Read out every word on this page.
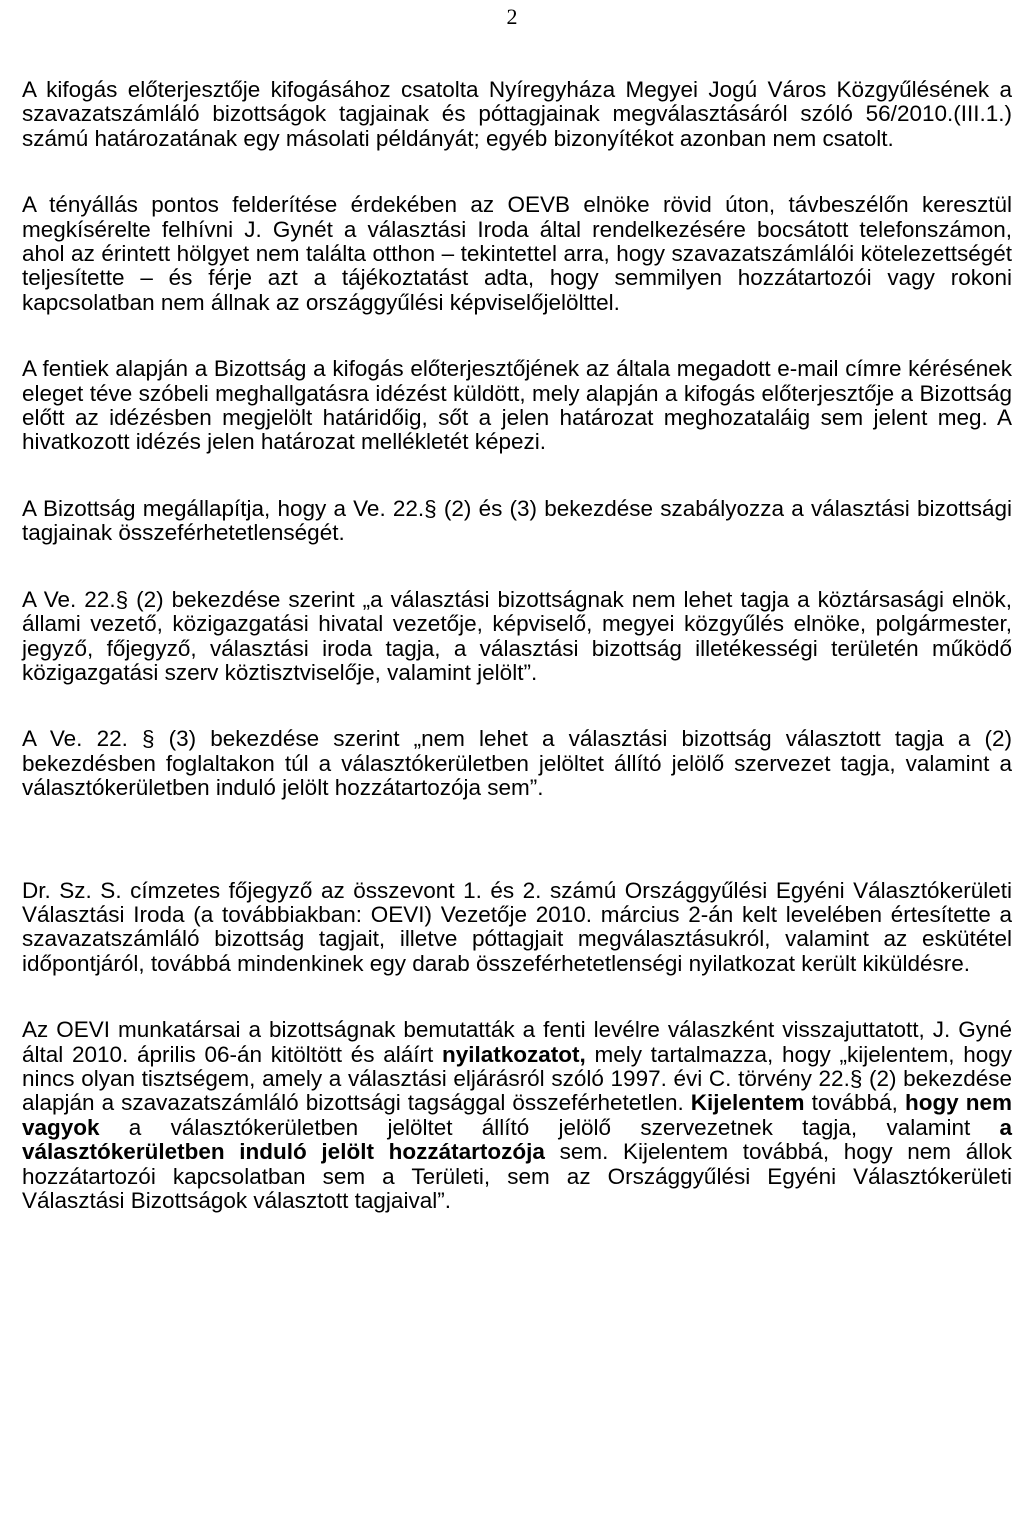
2

A kifogás előterjesztője kifogásához csatolta Nyíregyháza Megyei Jogú Város Közgyűlésének a szavazatszámláló bizottságok tagjainak és póttagjainak megválasztásáról szóló 56/2010.(III.1.) számú határozatának egy másolati példányát; egyéb bizonyítékot azonban nem csatolt.

A tényállás pontos felderítése érdekében az OEVB elnöke rövid úton, távbeszélőn keresztül megkísérelte felhívni J. Gynét a választási Iroda által rendelkezésére bocsátott telefonszámon, ahol az érintett hölgyet nem találta otthon – tekintettel arra, hogy szavazatszámlálói kötelezettségét teljesítette – és férje azt a tájékoztatást adta, hogy semmilyen hozzátartozói vagy rokoni kapcsolatban nem állnak az országgyűlési képviselőjelölttel.

A fentiek alapján a Bizottság a kifogás előterjesztőjének az általa megadott e-mail címre kérésének eleget téve szóbeli meghallgatásra idézést küldött, mely alapján a kifogás előterjesztője a Bizottság előtt az idézésben megjelölt határidőig, sőt a jelen határozat meghozataláig sem jelent meg. A hivatkozott idézés jelen határozat mellékletét képezi.

A Bizottság megállapítja, hogy a Ve. 22.§ (2) és (3) bekezdése szabályozza a választási bizottsági tagjainak összeférhetetlenségét.

A Ve. 22.§ (2) bekezdése szerint „a választási bizottságnak nem lehet tagja a köztársasági elnök, állami vezető, közigazgatási hivatal vezetője, képviselő, megyei közgyűlés elnöke, polgármester, jegyző, főjegyző, választási iroda tagja, a választási bizottság illetékességi területén működő közigazgatási szerv köztisztviselője, valamint jelölt”.

A Ve. 22. § (3) bekezdése szerint „nem lehet a választási bizottság választott tagja a (2) bekezdésben foglaltakon túl a választókerületben jelöltet állító jelölő szervezet tagja, valamint a választókerületben induló jelölt hozzátartozója sem”.

Dr. Sz. S. címzetes főjegyző az összevont 1. és 2. számú Országgyűlési Egyéni Választókerületi Választási Iroda (a továbbiakban: OEVI) Vezetője 2010. március 2-án kelt levelében értesítette a szavazatszámláló bizottság tagjait, illetve póttagjait megválasztásukról, valamint az eskütétel időpontjáról, továbbá mindenkinek egy darab összeférhetetlenségi nyilatkozat került kiküldésre.

Az OEVI munkatársai a bizottságnak bemutatták a fenti levélre válaszként visszajuttatott, J. Gyné által 2010. április 06-án kitöltött és aláírt nyilatkozatot, mely tartalmazza, hogy „kijelentem, hogy nincs olyan tisztségem, amely a választási eljárásról szóló 1997. évi C. törvény 22.§ (2) bekezdése alapján a szavazatszámláló bizottsági tagsággal összeférhetetlen. Kijelentem továbbá, hogy nem vagyok a választókerületben jelöltet állító jelölő szervezetnek tagja, valamint a választókerületben induló jelölt hozzátartozója sem. Kijelentem továbbá, hogy nem állok hozzátartozói kapcsolatban sem a Területi, sem az Országgyűlési Egyéni Választókerületi Választási Bizottságok választott tagjaival”.
